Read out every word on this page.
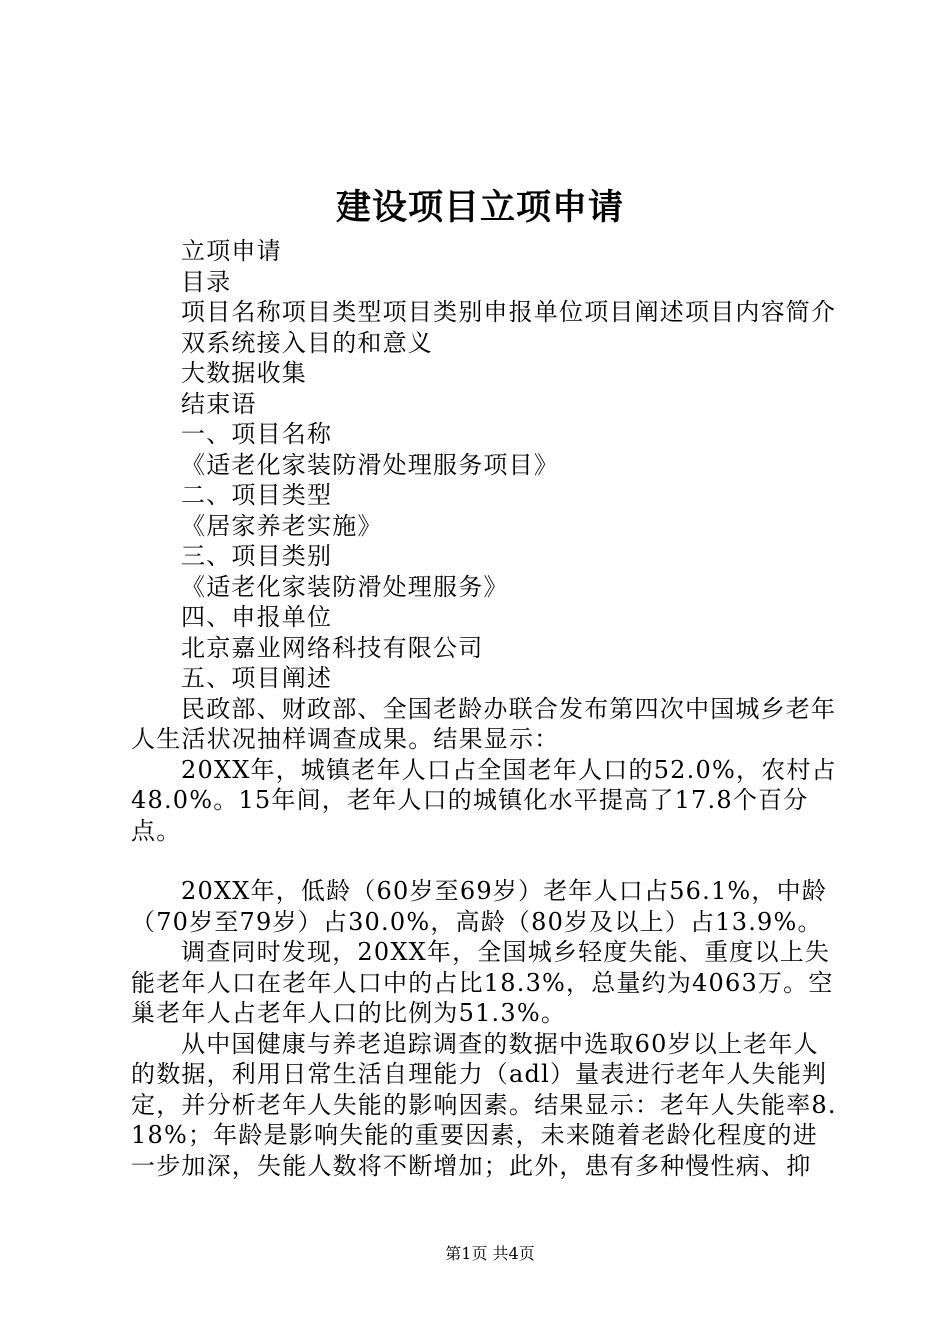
建设项目立项申请

立项申请

目录

项目名称项目类型项目类别申报单位项目阐述项目内容简介

双系统接入目的和意义

大数据收集

结束语

一、项目名称

《适老化家装防滑处理服务项目》

二、项目类型

《居家养老实施》

三、项目类别

《适老化家装防滑处理服务》

四、申报单位

北京嘉业网络科技有限公司

五、项目阐述

民政部、财政部、全国老龄办联合发布第四次中国城乡老年人生活状况抽样调查成果。结果显示：

20XX年，城镇老年人口占全国老年人口的52.0%，农村占48.0%。15年间，老年人口的城镇化水平提高了17.8个百分点。

20XX年，低龄（60岁至69岁）老年人口占56.1%，中龄（70岁至79岁）占30.0%，高龄（80岁及以上）占13.9%。

调查同时发现，20XX年，全国城乡轻度失能、重度以上失能老年人口在老年人口中的占比18.3%，总量约为4063万。空巢老年人占老年人口的比例为51.3%。

从中国健康与养老追踪调查的数据中选取60岁以上老年人的数据，利用日常生活自理能力（adl）量表进行老年人失能判定，并分析老年人失能的影响因素。结果显示：老年人失能率8.18%；年龄是影响失能的重要因素，未来随着老龄化程度的进一步加深，失能人数将不断增加；此外，患有多种慢性病、抑

第1页 共4页
